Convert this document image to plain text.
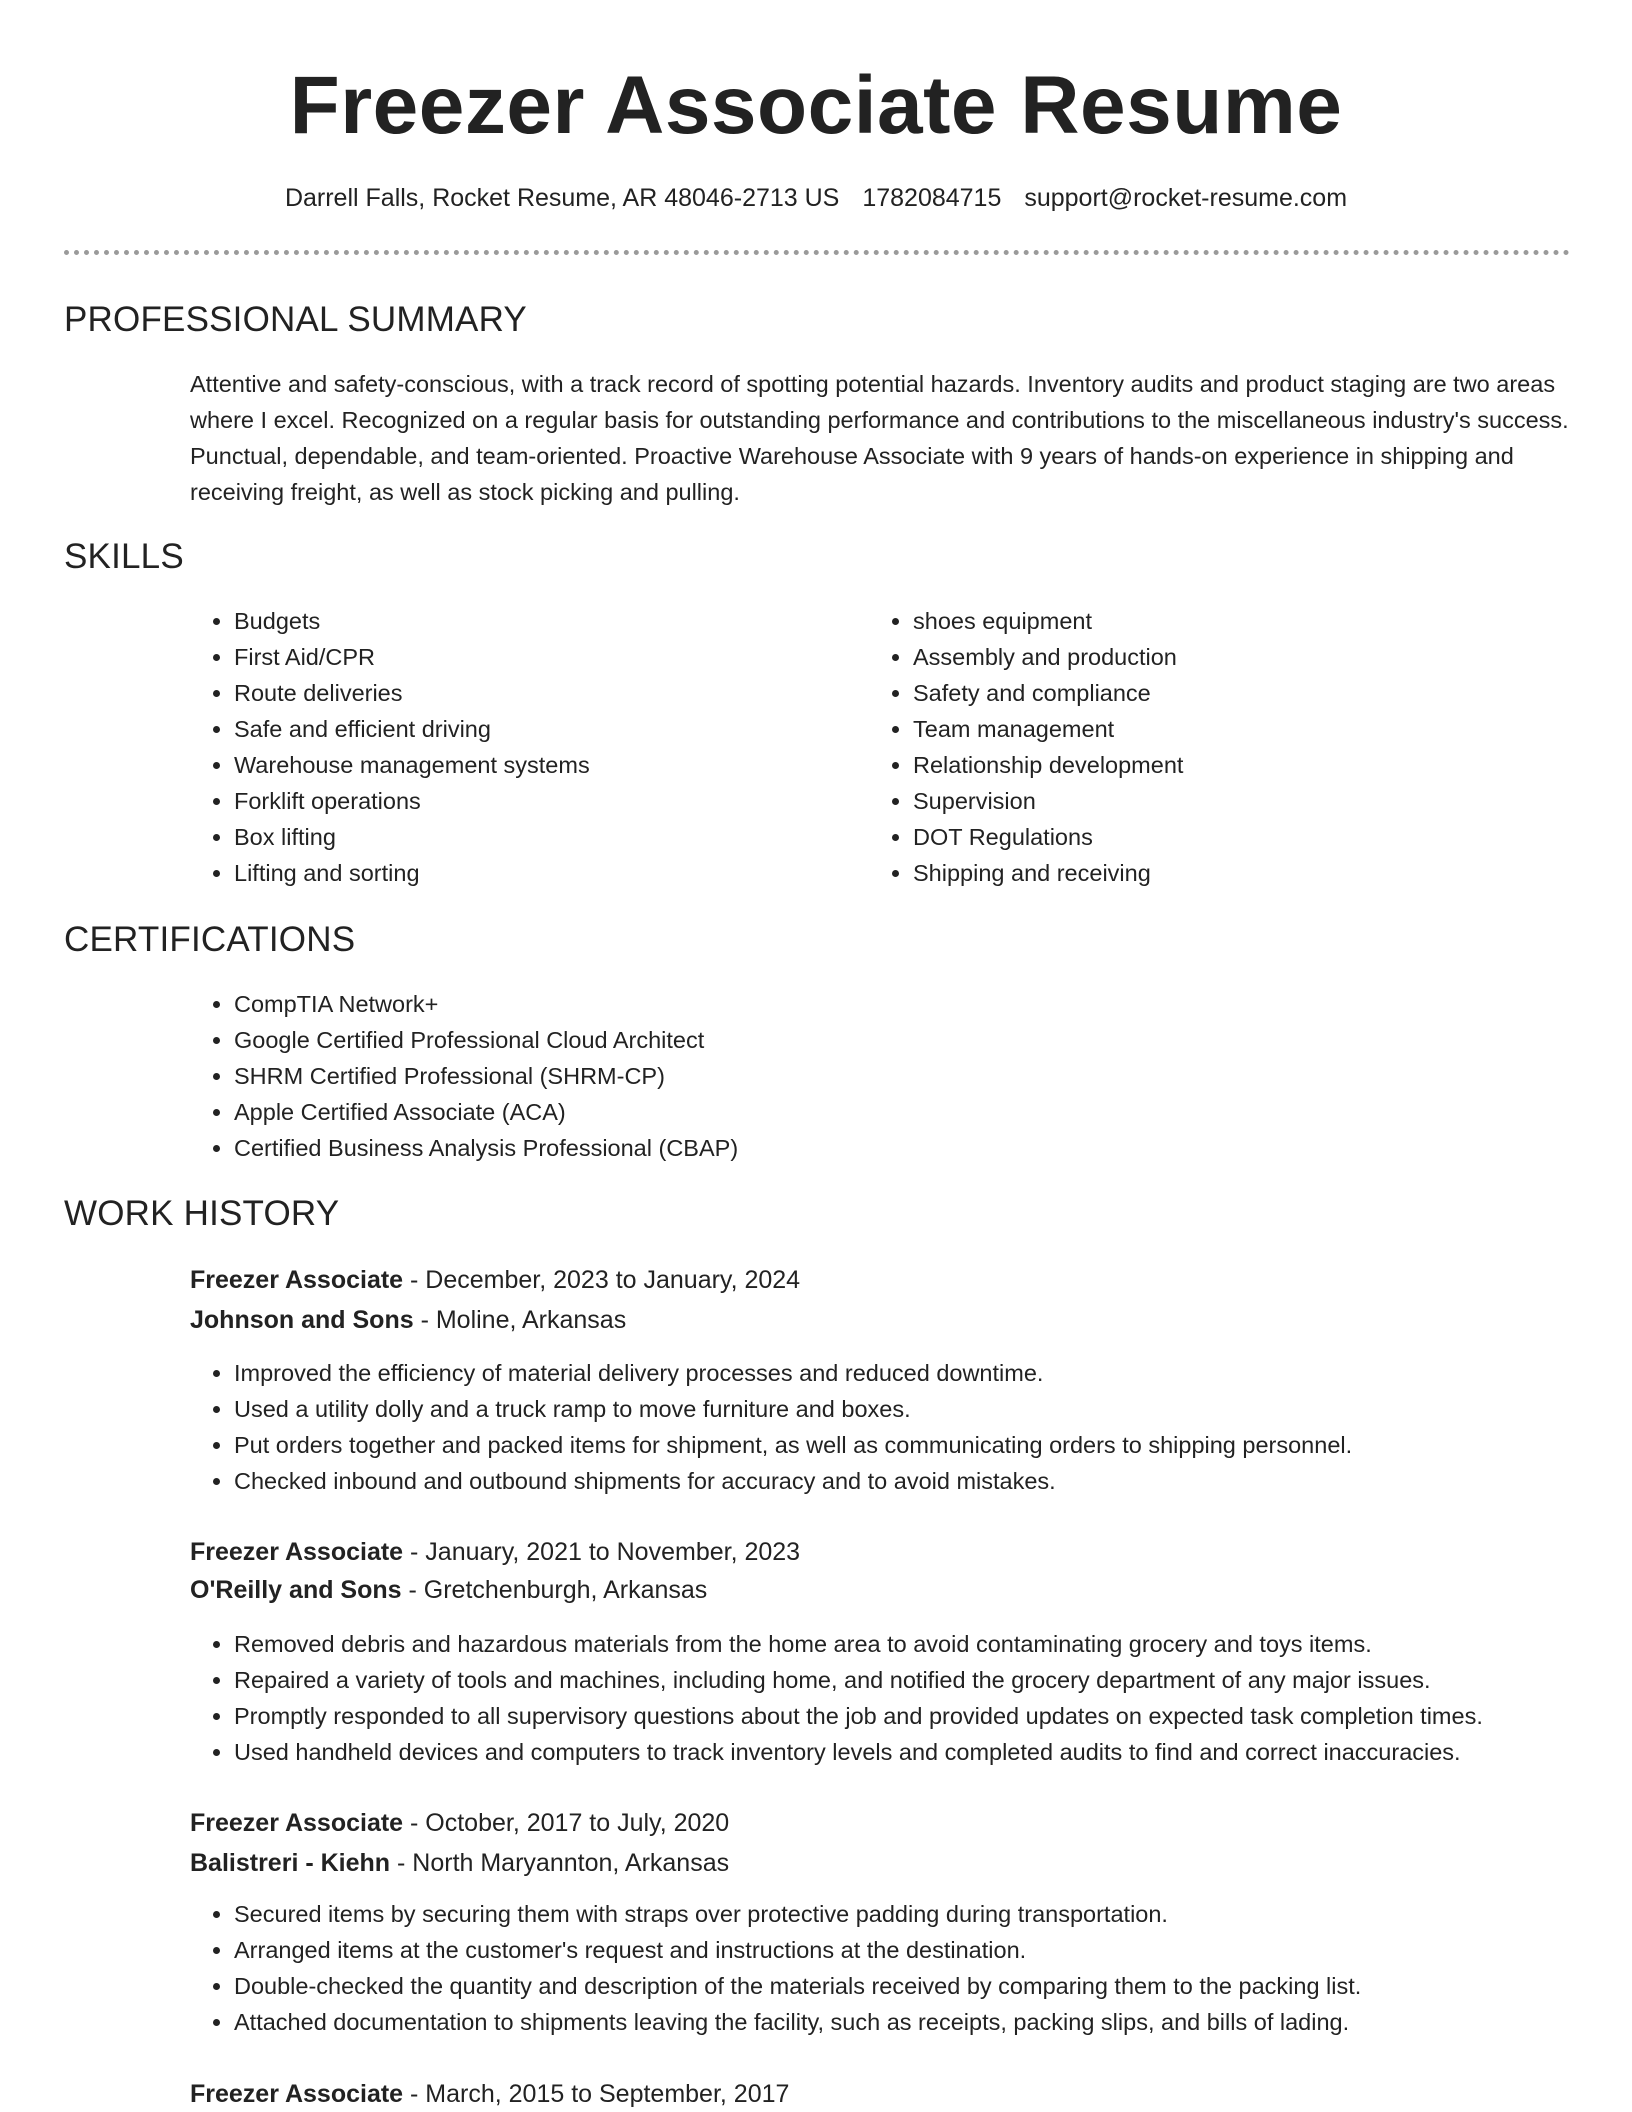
Freezer Associate Resume
Darrell Falls, Rocket Resume, AR 48046-2713 US 1782084715 support@rocket-resume.com
PROFESSIONAL SUMMARY

Attentive and safety-conscious, with a track record of spotting potential hazards. Inventory audits and product staging are two areas where I excel. Recognized on a regular basis for outstanding performance and contributions to the miscellaneous industry's success. Punctual, dependable, and team-oriented. Proactive Warehouse Associate with 9 years of hands-on experience in shipping and receiving freight, as well as stock picking and pulling.

SKILLS
• Budgets
• First Aid/CPR
• Route deliveries
• Safe and efficient driving
• Warehouse management systems
• Forklift operations
• Box lifting
• Lifting and sorting
• shoes equipment
• Assembly and production
• Safety and compliance
• Team management
• Relationship development
• Supervision
• DOT Regulations
• Shipping and receiving
CERTIFICATIONS
• CompTIA Network+
• Google Certified Professional Cloud Architect
• SHRM Certified Professional (SHRM-CP)
• Apple Certified Associate (ACA)
• Certified Business Analysis Professional (CBAP)
WORK HISTORY
Freezer Associate - December, 2023 to January, 2024
Johnson and Sons - Moline, Arkansas
• Improved the efficiency of material delivery processes and reduced downtime.
• Used a utility dolly and a truck ramp to move furniture and boxes.
• Put orders together and packed items for shipment, as well as communicating orders to shipping personnel.
• Checked inbound and outbound shipments for accuracy and to avoid mistakes.
Freezer Associate - January, 2021 to November, 2023
O'Reilly and Sons - Gretchenburgh, Arkansas
• Removed debris and hazardous materials from the home area to avoid contaminating grocery and toys items.
• Repaired a variety of tools and machines, including home, and notified the grocery department of any major issues.
• Promptly responded to all supervisory questions about the job and provided updates on expected task completion times.
• Used handheld devices and computers to track inventory levels and completed audits to find and correct inaccuracies.
Freezer Associate - October, 2017 to July, 2020
Balistreri - Kiehn - North Maryannton, Arkansas
• Secured items by securing them with straps over protective padding during transportation.
• Arranged items at the customer's request and instructions at the destination.
• Double-checked the quantity and description of the materials received by comparing them to the packing list.
• Attached documentation to shipments leaving the facility, such as receipts, packing slips, and bills of lading.
Freezer Associate - March, 2015 to September, 2017
